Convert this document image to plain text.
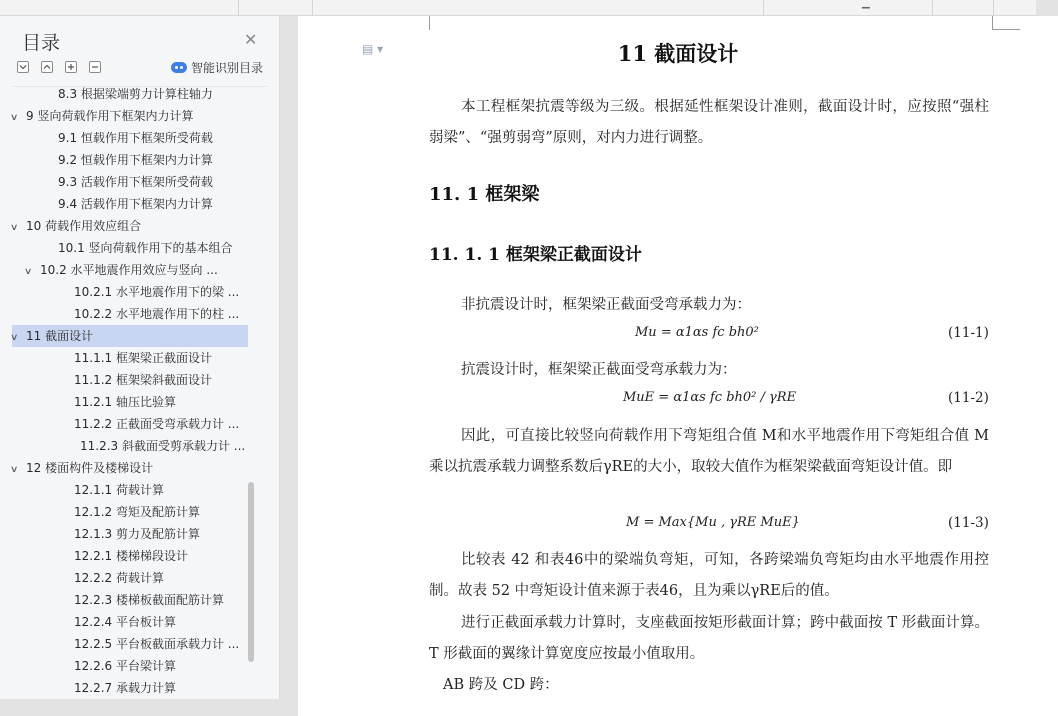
▁
目录	✕
智能识别目录
8.3 根据梁端剪力计算柱轴力
∨ 9 竖向荷载作用下框架内力计算
9.1 恒载作用下框架所受荷载
9.2 恒载作用下框架内力计算
9.3 活载作用下框架所受荷载
9.4 活载作用下框架内力计算
∨ 10 荷载作用效应组合
10.1 竖向荷载作用下的基本组合
∨ 10.2 水平地震作用效应与竖向 ...
10.2.1 水平地震作用下的梁 ...
10.2.2 水平地震作用下的柱 ...
∨ 11 截面设计
11.1.1 框架梁正截面设计
11.1.2 框架梁斜截面设计
11.2.1 轴压比验算
11.2.2 正截面受弯承载力计 ...
11.2.3 斜截面受剪承载力计 ...
∨ 12 楼面构件及楼梯设计
12.1.1 荷载计算
12.1.2 弯矩及配筋计算
12.1.3 剪力及配筋计算
12.2.1 楼梯梯段设计
12.2.2 荷载计算
12.2.3 楼梯板截面配筋计算
12.2.4 平台板计算
12.2.5 平台板截面承载力计 ...
12.2.6 平台梁计算
12.2.7 承载力计算
▤ ▾	11 截面设计
本工程框架抗震等级为三级。根据延性框架设计准则，截面设计时，应按照“强柱弱梁”、“强剪弱弯”原则，对内力进行调整。
11. 1 框架梁
11. 1. 1 框架梁正截面设计
非抗震设计时，框架梁正截面受弯承载力为：
Mu = α1αs fc bh0²	(11-1)
抗震设计时，框架梁正截面受弯承载力为：
MuE = α1αs fc bh0² / γRE	(11-2)
因此，可直接比较竖向荷载作用下弯矩组合值 M和水平地震作用下弯矩组合值 M乘以抗震承载力调整系数后γRE的大小，取较大值作为框架梁截面弯矩设计值。即
M = Max{Mu , γRE MuE}	(11-3)
比较表 42 和表46中的梁端负弯矩，可知，各跨梁端负弯矩均由水平地震作用控制。故表 52 中弯矩设计值来源于表46，且为乘以γRE后的值。
进行正截面承载力计算时，支座截面按矩形截面计算；跨中截面按 T 形截面计算。T 形截面的翼缘计算宽度应按最小值取用。
AB 跨及 CD 跨：
